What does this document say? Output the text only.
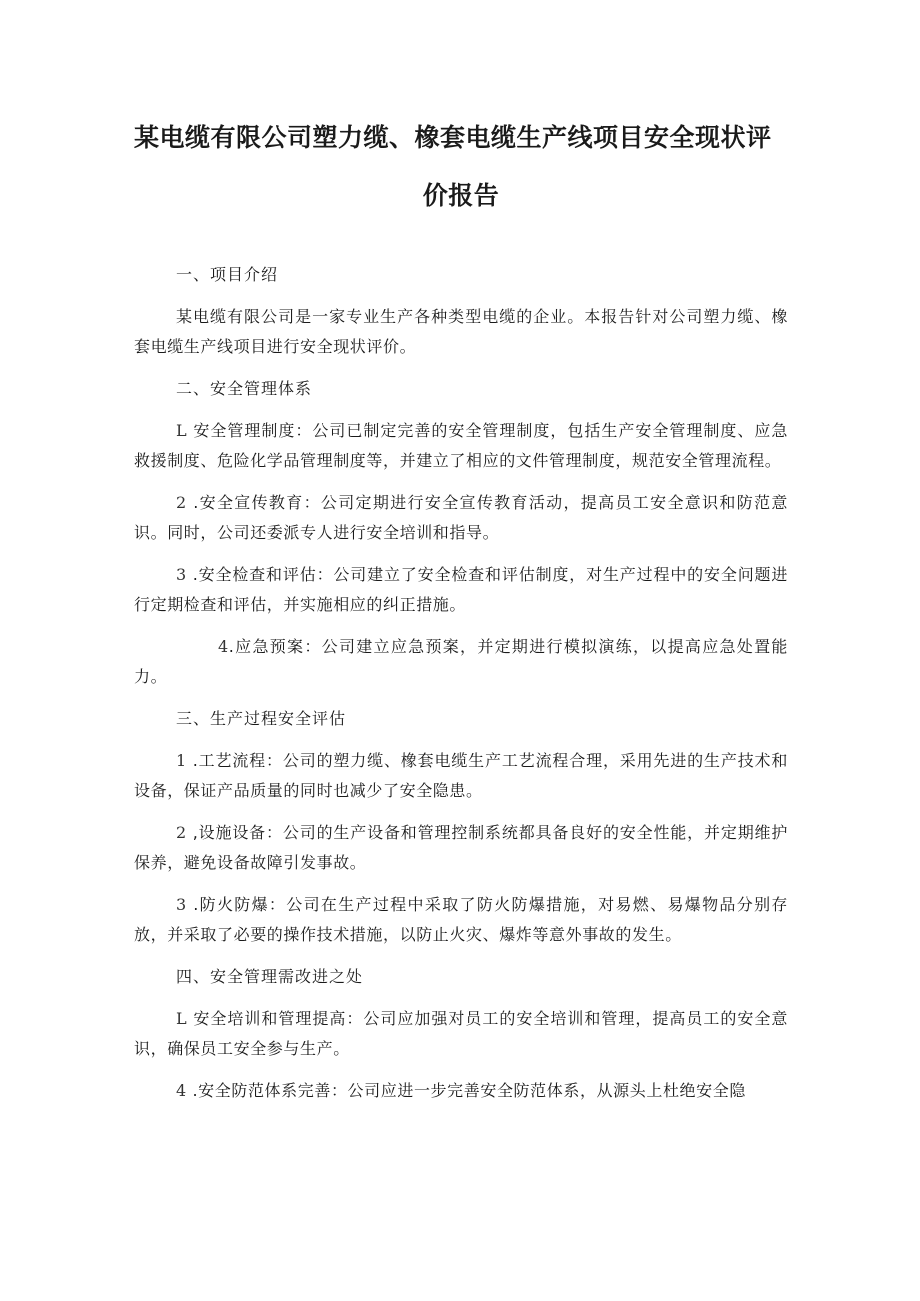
某电缆有限公司塑力缆、橡套电缆生产线项目安全现状评
价报告
一、项目介绍

某电缆有限公司是一家专业生产各种类型电缆的企业。本报告针对公司塑力缆、橡套电缆生产线项目进行安全现状评价。

二、安全管理体系

L 安全管理制度：公司已制定完善的安全管理制度，包括生产安全管理制度、应急救援制度、危险化学品管理制度等，并建立了相应的文件管理制度，规范安全管理流程。

2 .安全宣传教育：公司定期进行安全宣传教育活动，提高员工安全意识和防范意识。同时，公司还委派专人进行安全培训和指导。

3 .安全检查和评估：公司建立了安全检查和评估制度，对生产过程中的安全问题进行定期检查和评估，并实施相应的纠正措施。

4.应急预案：公司建立应急预案，并定期进行模拟演练，以提高应急处置能力。

三、生产过程安全评估

1 .工艺流程：公司的塑力缆、橡套电缆生产工艺流程合理，采用先进的生产技术和设备，保证产品质量的同时也减少了安全隐患。

2 ,设施设备：公司的生产设备和管理控制系统都具备良好的安全性能，并定期维护保养，避免设备故障引发事故。

3 .防火防爆：公司在生产过程中采取了防火防爆措施，对易燃、易爆物品分别存放，并采取了必要的操作技术措施，以防止火灾、爆炸等意外事故的发生。

四、安全管理需改进之处

L 安全培训和管理提高：公司应加强对员工的安全培训和管理，提高员工的安全意识，确保员工安全参与生产。

4 .安全防范体系完善：公司应进一步完善安全防范体系，从源头上杜绝安全隐
